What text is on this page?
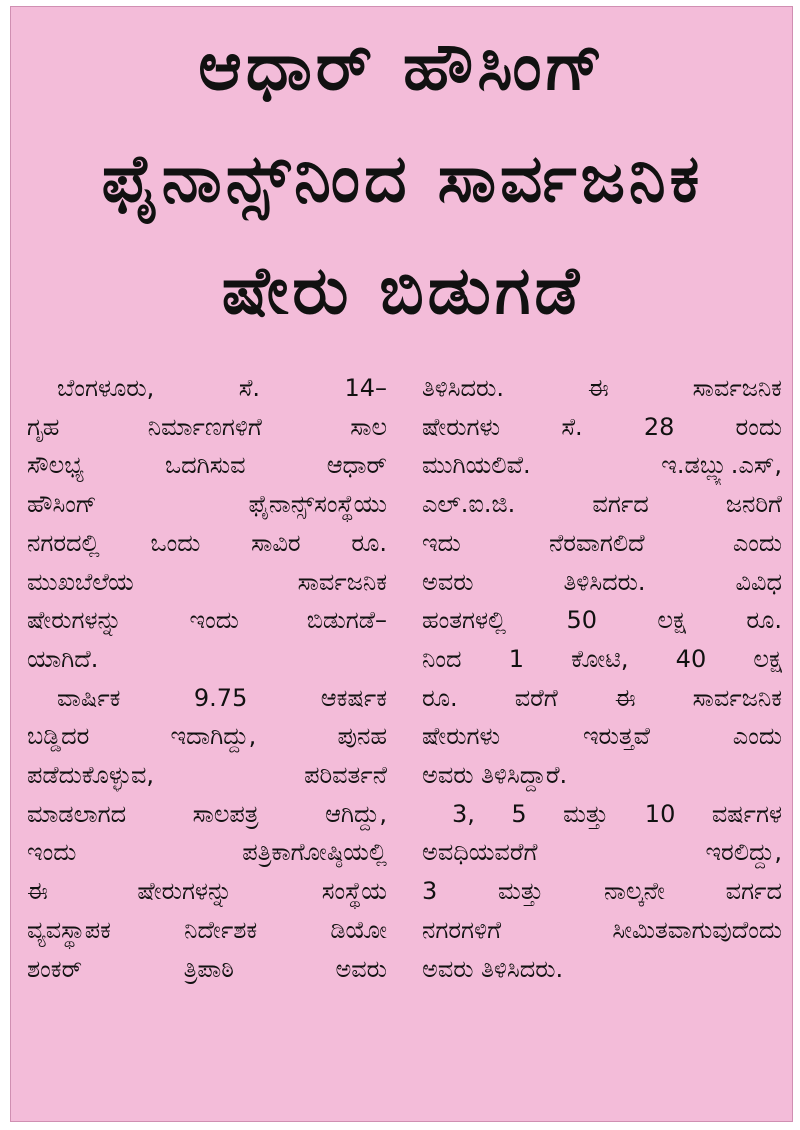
ಆಧಾರ್ ಹೌಸಿಂಗ್
ಫೈನಾನ್ಸ್‌ನಿಂದ ಸಾರ್ವಜನಿಕ
ಷೇರು ಬಿಡುಗಡೆ

ಬೆಂಗಳೂರು, ಸೆ. 14–
ಗೃಹ ನಿರ್ಮಾಣಗಳಿಗೆ ಸಾಲ
ಸೌಲಭ್ಯ ಒದಗಿಸುವ ಆಧಾರ್
ಹೌಸಿಂಗ್ ಫೈನಾನ್ಸ್‌ಸಂಸ್ಥೆಯು
ನಗರದಲ್ಲಿ ಒಂದು ಸಾವಿರ ರೂ.
ಮುಖಬೆಲೆಯ ಸಾರ್ವಜನಿಕ
ಷೇರುಗಳನ್ನು ಇಂದು ಬಿಡುಗಡೆ–
ಯಾಗಿದೆ.

ವಾರ್ಷಿಕ 9.75 ಆಕರ್ಷಕ
ಬಡ್ಡಿದರ ಇದಾಗಿದ್ದು, ಪುನಹ
ಪಡೆದುಕೊಳ್ಳುವ, ಪರಿವರ್ತನೆ
ಮಾಡಲಾಗದ ಸಾಲಪತ್ರ ಆಗಿದ್ದು,
ಇಂದು ಪತ್ರಿಕಾಗೋಷ್ಠಿಯಲ್ಲಿ
ಈ ಷೇರುಗಳನ್ನು ಸಂಸ್ಥೆಯ
ವ್ಯವಸ್ಥಾಪಕ ನಿರ್ದೇಶಕ ಡಿಯೋ
ಶಂಕರ್ ತ್ರಿಪಾಠಿ ಅವರು

ತಿಳಿಸಿದರು. ಈ ಸಾರ್ವಜನಿಕ
ಷೇರುಗಳು ಸೆ. 28 ರಂದು
ಮುಗಿಯಲಿವೆ. ಇ.ಡಬ್ಲ್ಯು.ಎಸ್,
ಎಲ್.ಐ.ಜಿ. ವರ್ಗದ ಜನರಿಗೆ
ಇದು ನೆರವಾಗಲಿದೆ ಎಂದು
ಅವರು ತಿಳಿಸಿದರು. ವಿವಿಧ
ಹಂತಗಳಲ್ಲಿ 50 ಲಕ್ಷ ರೂ.
ನಿಂದ 1 ಕೋಟಿ, 40 ಲಕ್ಷ
ರೂ. ವರೆಗೆ ಈ ಸಾರ್ವಜನಿಕ
ಷೇರುಗಳು ಇರುತ್ತವೆ ಎಂದು
ಅವರು ತಿಳಿಸಿದ್ದಾರೆ.

3, 5 ಮತ್ತು 10 ವರ್ಷಗಳ
ಅವಧಿಯವರೆಗೆ ಇರಲಿದ್ದು,
3 ಮತ್ತು ನಾಲ್ಕನೇ ವರ್ಗದ
ನಗರಗಳಿಗೆ ಸೀಮಿತವಾಗುವುದೆಂದು
ಅವರು ತಿಳಿಸಿದರು.
